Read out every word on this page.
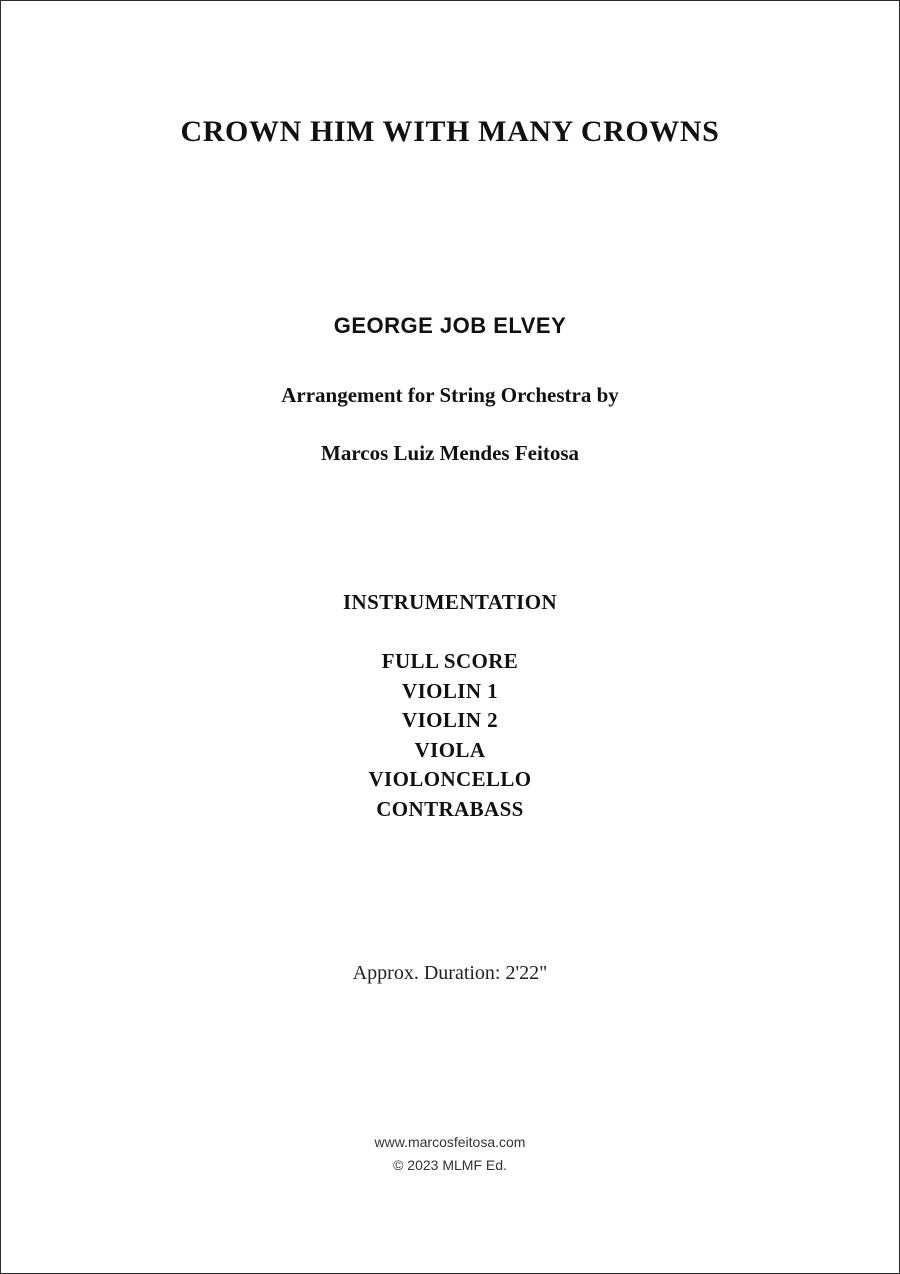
CROWN HIM WITH MANY CROWNS
GEORGE JOB ELVEY
Arrangement for String Orchestra by
Marcos Luiz Mendes Feitosa
INSTRUMENTATION
FULL SCORE
VIOLIN 1
VIOLIN 2
VIOLA
VIOLONCELLO
CONTRABASS
Approx. Duration: 2'22"
www.marcosfeitosa.com
© 2023 MLMF Ed.
